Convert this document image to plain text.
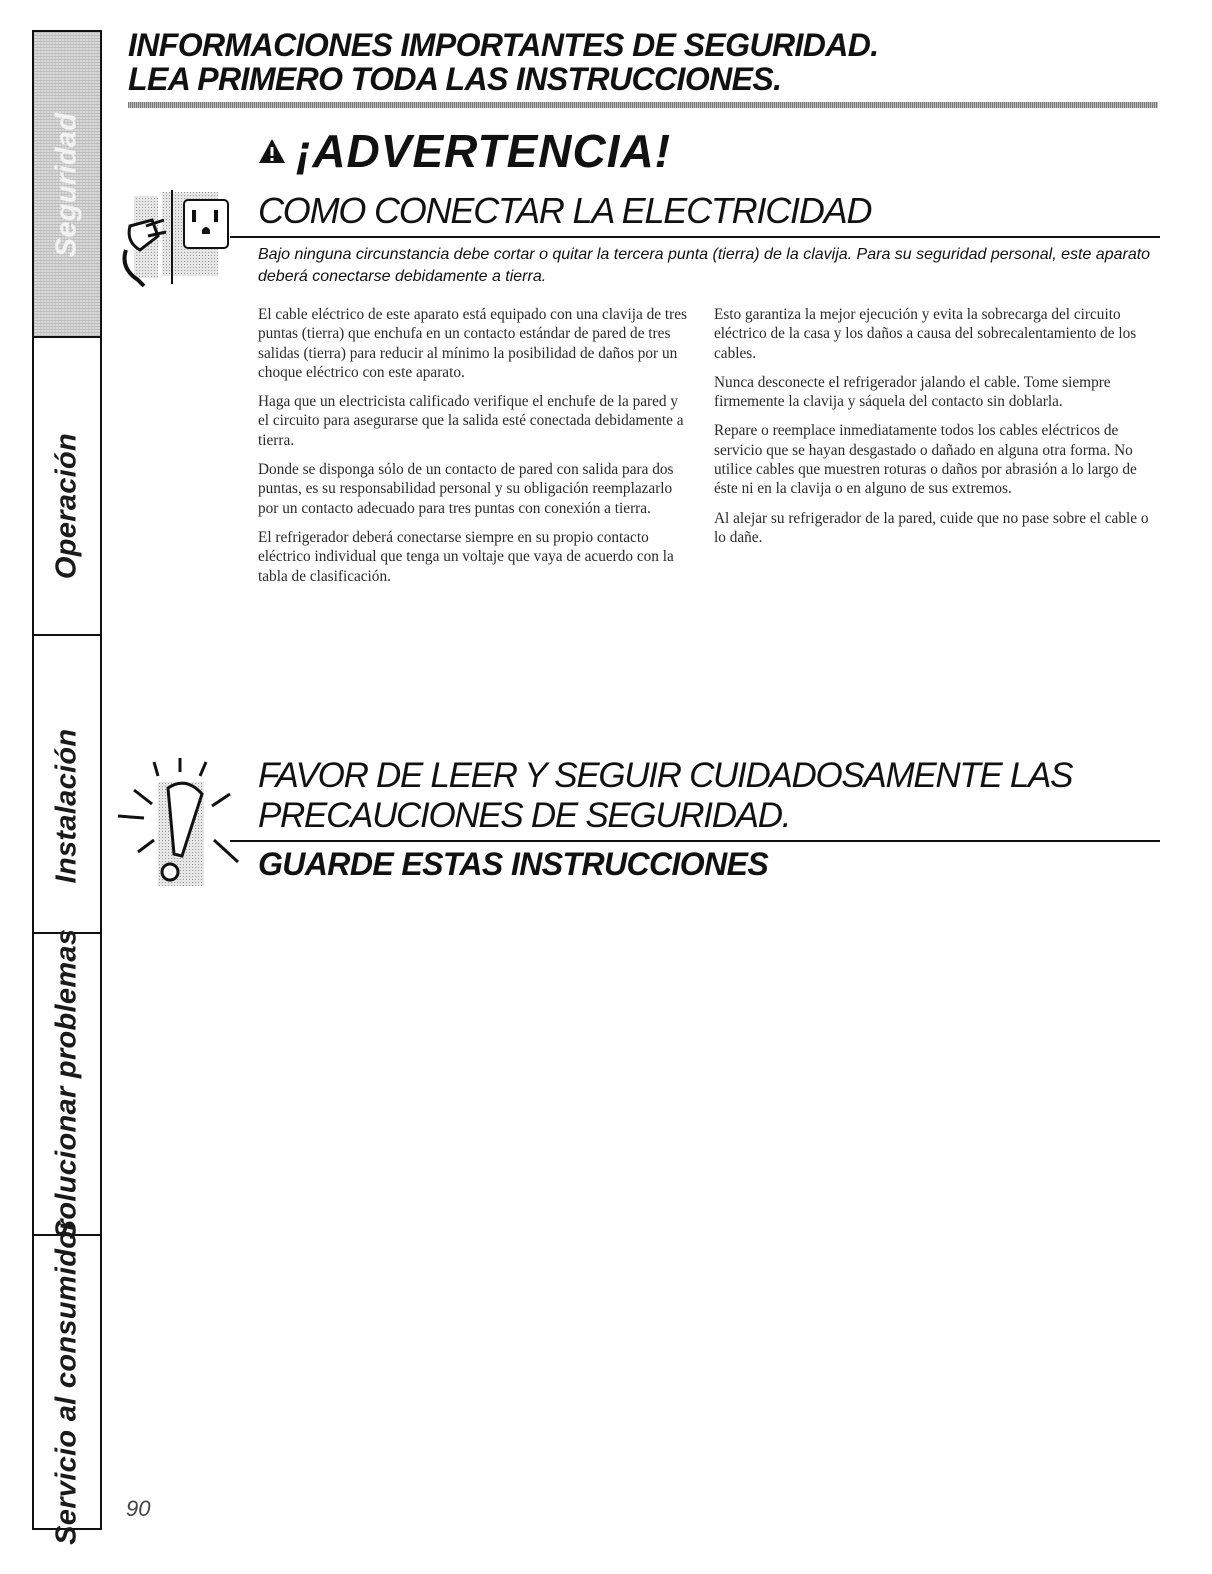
Seguridad
Operación
Instalación
Solucionar problemas
Servicio al consumidor
INFORMACIONES IMPORTANTES DE SEGURIDAD.
LEA PRIMERO TODA LAS INSTRUCCIONES.
¡ADVERTENCIA!
COMO CONECTAR LA ELECTRICIDAD
Bajo ninguna circunstancia debe cortar o quitar la tercera punta (tierra) de la clavija. Para su seguridad personal, este aparato deberá conectarse debidamente a tierra.

El cable eléctrico de este aparato está equipado con una clavija de tres puntas (tierra) que enchufa en un contacto estándar de pared de tres salidas (tierra) para reducir al mínimo la posibilidad de daños por un choque eléctrico con este aparato.

Haga que un electricista calificado verifique el enchufe de la pared y el circuito para asegurarse que la salida esté conectada debidamente a tierra.

Donde se disponga sólo de un contacto de pared con salida para dos puntas, es su responsabilidad personal y su obligación reemplazarlo por un contacto adecuado para tres puntas con conexión a tierra.

El refrigerador deberá conectarse siempre en su propio contacto eléctrico individual que tenga un voltaje que vaya de acuerdo con la tabla de clasificación.

Esto garantiza la mejor ejecución y evita la sobrecarga del circuito eléctrico de la casa y los daños a causa del sobrecalentamiento de los cables.

Nunca desconecte el refrigerador jalando el cable. Tome siempre firmemente la clavija y sáquela del contacto sin doblarla.

Repare o reemplace inmediatamente todos los cables eléctricos de servicio que se hayan desgastado o dañado en alguna otra forma. No utilice cables que muestren roturas o daños por abrasión a lo largo de éste ni en la clavija o en alguno de sus extremos.

Al alejar su refrigerador de la pared, cuide que no pase sobre el cable o lo dañe.

FAVOR DE LEER Y SEGUIR CUIDADOSAMENTE LAS PRECAUCIONES DE SEGURIDAD.
GUARDE ESTAS INSTRUCCIONES
90
